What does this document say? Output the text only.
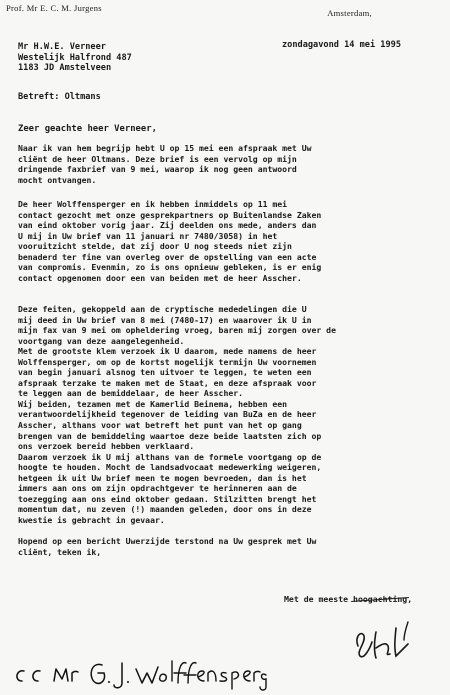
Prof. Mr E. C. M. Jurgens	Amsterdam,
Mr H.W.E. Verneer
Westelijk Halfrond 487
1183 JD Amstelveen
zondagavond 14 mei 1995
Betreft: Oltmans
Zeer geachte heer Verneer,
Naar ik van hem begrijp hebt U op 15 mei een afspraak met Uw
cliënt de heer Oltmans. Deze brief is een vervolg op mijn
dringende faxbrief van 9 mei, waarop ik nog geen antwoord
mocht ontvangen.
De heer Wolffensperger en ik hebben inmiddels op 11 mei
contact gezocht met onze gesprekpartners op Buitenlandse Zaken
van eind oktober vorig jaar. Zij deelden ons mede, anders dan
U mij in Uw brief van 11 januari nr 7480/3058) in het
vooruitzicht stelde, dat zij door U nog steeds niet zijn
benaderd ter fine van overleg over de opstelling van een acte
van compromis. Evenmin, zo is ons opnieuw gebleken, is er enig
contact opgenomen door een van beiden met de heer Asscher.
Deze feiten, gekoppeld aan de cryptische mededelingen die U
mij deed in Uw brief van 8 mei (7480-17) en waarover ik U in
mijn fax van 9 mei om opheldering vroeg, baren mij zorgen over de
voortgang van deze aangelegenheid.
Met de grootste klem verzoek ik U daarom, mede namens de heer
Wolffensperger, om op de kortst mogelijk termijn Uw voornemen
van begin januari alsnog ten uitvoer te leggen, te weten een
afspraak terzake te maken met de Staat, en deze afspraak voor
te leggen aan de bemiddelaar, de heer Asscher.
Wij beiden, tezamen met de Kamerlid Beinema, hebben een
verantwoordelijkheid tegenover de leiding van BuZa en de heer
Asscher, althans voor wat betreft het punt van het op gang
brengen van de bemiddeling waartoe deze beide laatsten zich op
ons verzoek bereid hebben verklaard.
Daarom verzoek ik U mij althans van de formele voortgang op de
hoogte te houden. Mocht de landsadvocaat medewerking weigeren,
hetgeen ik uit Uw brief meen te mogen bevroeden, dan is het
immers aan ons om zijn opdrachtgever te herinneren aan de
toezegging aan ons eind oktober gedaan. Stilzitten brengt het
momentum dat, nu zeven (!) maanden geleden, door ons in deze
kwestie is gebracht in gevaar.

Hopend op een bericht Uwerzijde terstond na Uw gesprek met Uw
cliënt, teken ik,
Met de meeste hoogachting,
